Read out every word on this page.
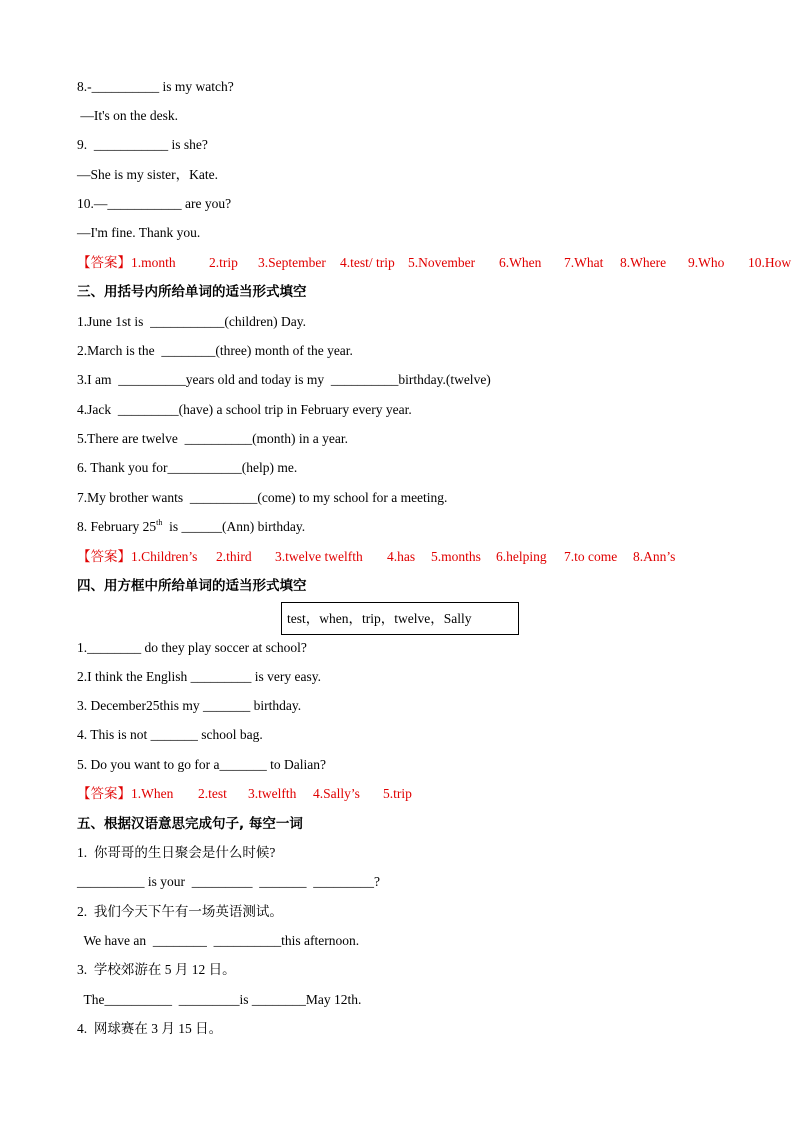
8.-__________ is my watch?
—It's on the desk.
9.  ___________ is she?
—She is my sister，Kate.
10.—___________ are you?
—I'm fine. Thank you.

【答案】1.month

2.trip

3.September

4.test/ trip

5.November

6.When

7.What

8.Where

9.Who

10.How

三、用括号内所给单词的适当形式填空
1.June 1st is  ___________(children) Day.
2.March is the  ________(three) month of the year.
3.I am  __________years old and today is my  __________birthday.(twelve)
4.Jack  _________(have) a school trip in February every year.
5.There are twelve  __________(month) in a year.
6. Thank you for___________(help) me.
7.My brother wants  __________(come) to my school for a meeting.
8. February 25th  is ______(Ann) birthday.

【答案】1.Children’s

2.third

3.twelve twelfth

4.has

5.months

6.helping

7.to come

8.Ann’s

四、用方框中所给单词的适当形式填空
test，when，trip，twelve，Sally
1.________ do they play soccer at school?
2.I think the English _________ is very easy.
3. December25this my _______ birthday.
4. This is not _______ school bag.
5. Do you want to go for a_______ to Dalian?

【答案】1.When

2.test

3.twelfth

4.Sally’s

5.trip

五、根据汉语意思完成句子, 每空一词
1.  你哥哥的生日聚会是什么时候?
__________ is your  _________  _______  _________?
2.  我们今天下午有一场英语测试。
We have an  ________  __________this afternoon.
3.  学校郊游在 5 月 12 日。
The__________  _________is ________May 12th.
4.  网球赛在 3 月 15 日。
